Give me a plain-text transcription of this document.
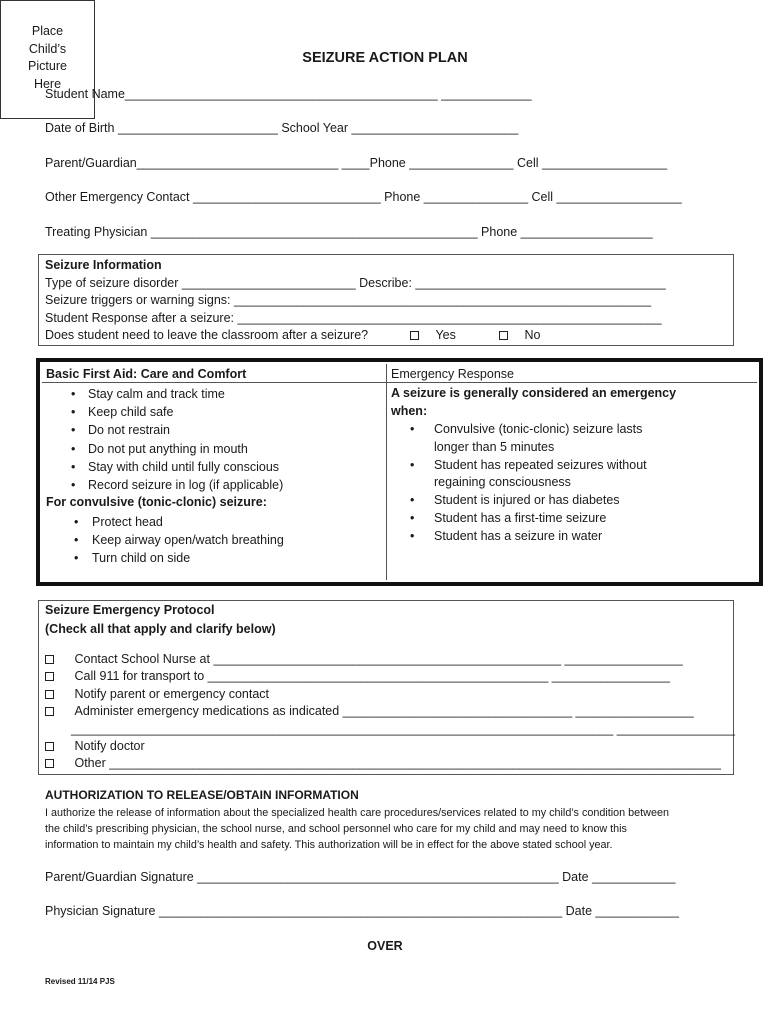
SEIZURE ACTION PLAN
Place
Child’s
Picture
Here
Student Name_____________________________________________ _____________
Date of Birth _______________________ School Year ________________________
Parent/Guardian_____________________________ ____Phone _______________ Cell __________________
Other Emergency Contact ___________________________ Phone _______________ Cell __________________
Treating Physician _______________________________________________ Phone ___________________
Seizure Information
Type of seizure disorder _________________________ Describe: ____________________________________
Seizure triggers or warning signs: ____________________________________________________________
Student Response after a seizure: _____________________________________________________________
Does student need to leave the classroom after a seizure?	Yes	No
Basic First Aid: Care and Comfort
• Stay calm and track time
• Keep child safe
• Do not restrain
• Do not put anything in mouth
• Stay with child until fully conscious
• Record seizure in log (if applicable)
For convulsive (tonic-clonic) seizure:
• Protect head
• Keep airway open/watch breathing
• Turn child on side
Emergency Response
A seizure is generally considered an emergency
when:
• Convulsive (tonic-clonic) seizure lasts
longer than 5 minutes
• Student has repeated seizures without
regaining consciousness
• Student is injured or has diabetes
• Student has a first-time seizure
• Student has a seizure in water
Seizure Emergency Protocol
(Check all that apply and clarify below)
Contact School Nurse at __________________________________________________ _________________
Call 911 for transport to _________________________________________________ _________________
Notify parent or emergency contact
Administer emergency medications as indicated _________________________________ _________________
______________________________________________________________________________ _________________
Notify doctor
Other ________________________________________________________________________________________
AUTHORIZATION TO RELEASE/OBTAIN INFORMATION
I authorize the release of information about the specialized health care procedures/services related to my child’s condition between
the child’s prescribing physician, the school nurse, and school personnel who care for my child and may need to know this
information to maintain my child’s health and safety. This authorization will be in effect for the above stated school year.
Parent/Guardian Signature ____________________________________________________ Date ____________
Physician Signature __________________________________________________________ Date ____________
OVER
Revised 11/14 PJS
